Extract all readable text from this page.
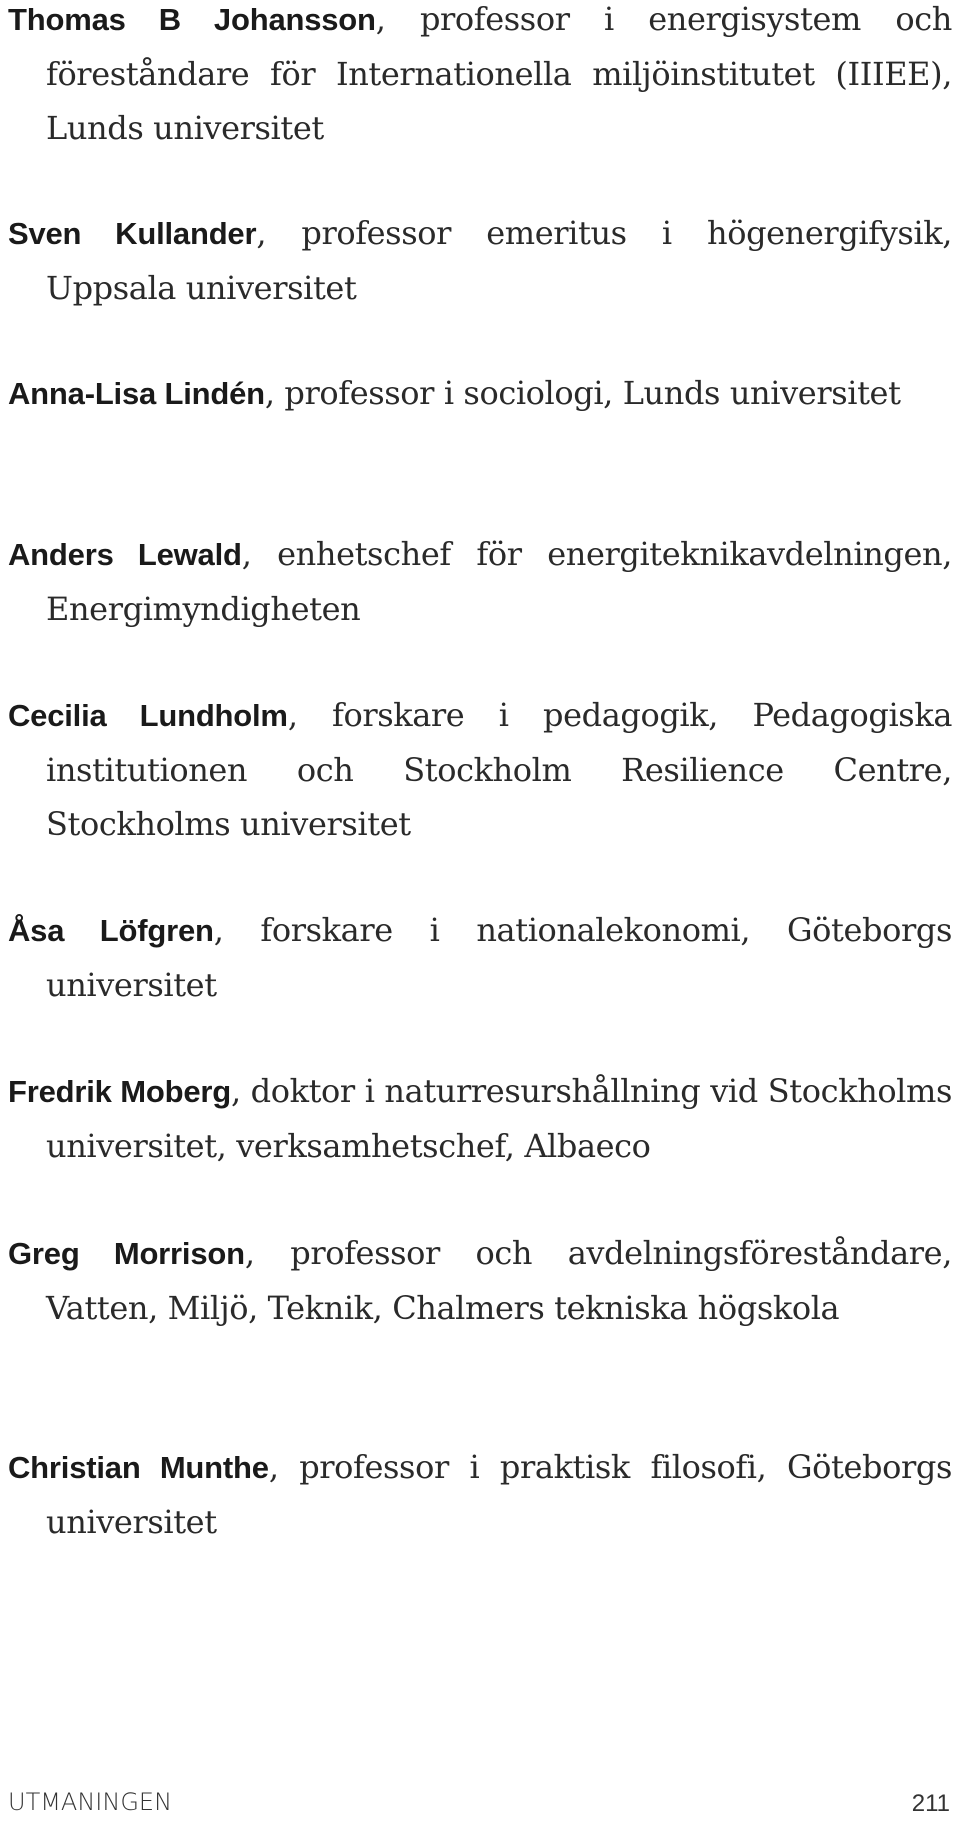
Thomas B Johansson, professor i energisystem och föreståndare för Internationella miljöinstitutet (IIIEE), Lunds universitet

Sven Kullander, professor emeritus i högenergifysik, Uppsala universitet

Anna-Lisa Lindén, professor i sociologi, Lunds universitet

Anders Lewald, enhetschef för energiteknikavdelningen, Energimyndigheten

Cecilia Lundholm, forskare i pedagogik, Pedagogiska institutionen och Stockholm Resilience Centre, Stockholms universitet

Åsa Löfgren, forskare i nationalekonomi, Göteborgs universitet

Fredrik Moberg, doktor i naturresurshållning vid Stockholms universitet, verksamhetschef, Albaeco

Greg Morrison, professor och avdelningsföreståndare, Vatten, Miljö, Teknik, Chalmers tekniska högskola

Christian Munthe, professor i praktisk filosofi, Göteborgs universitet

UTMANINGEN	211
